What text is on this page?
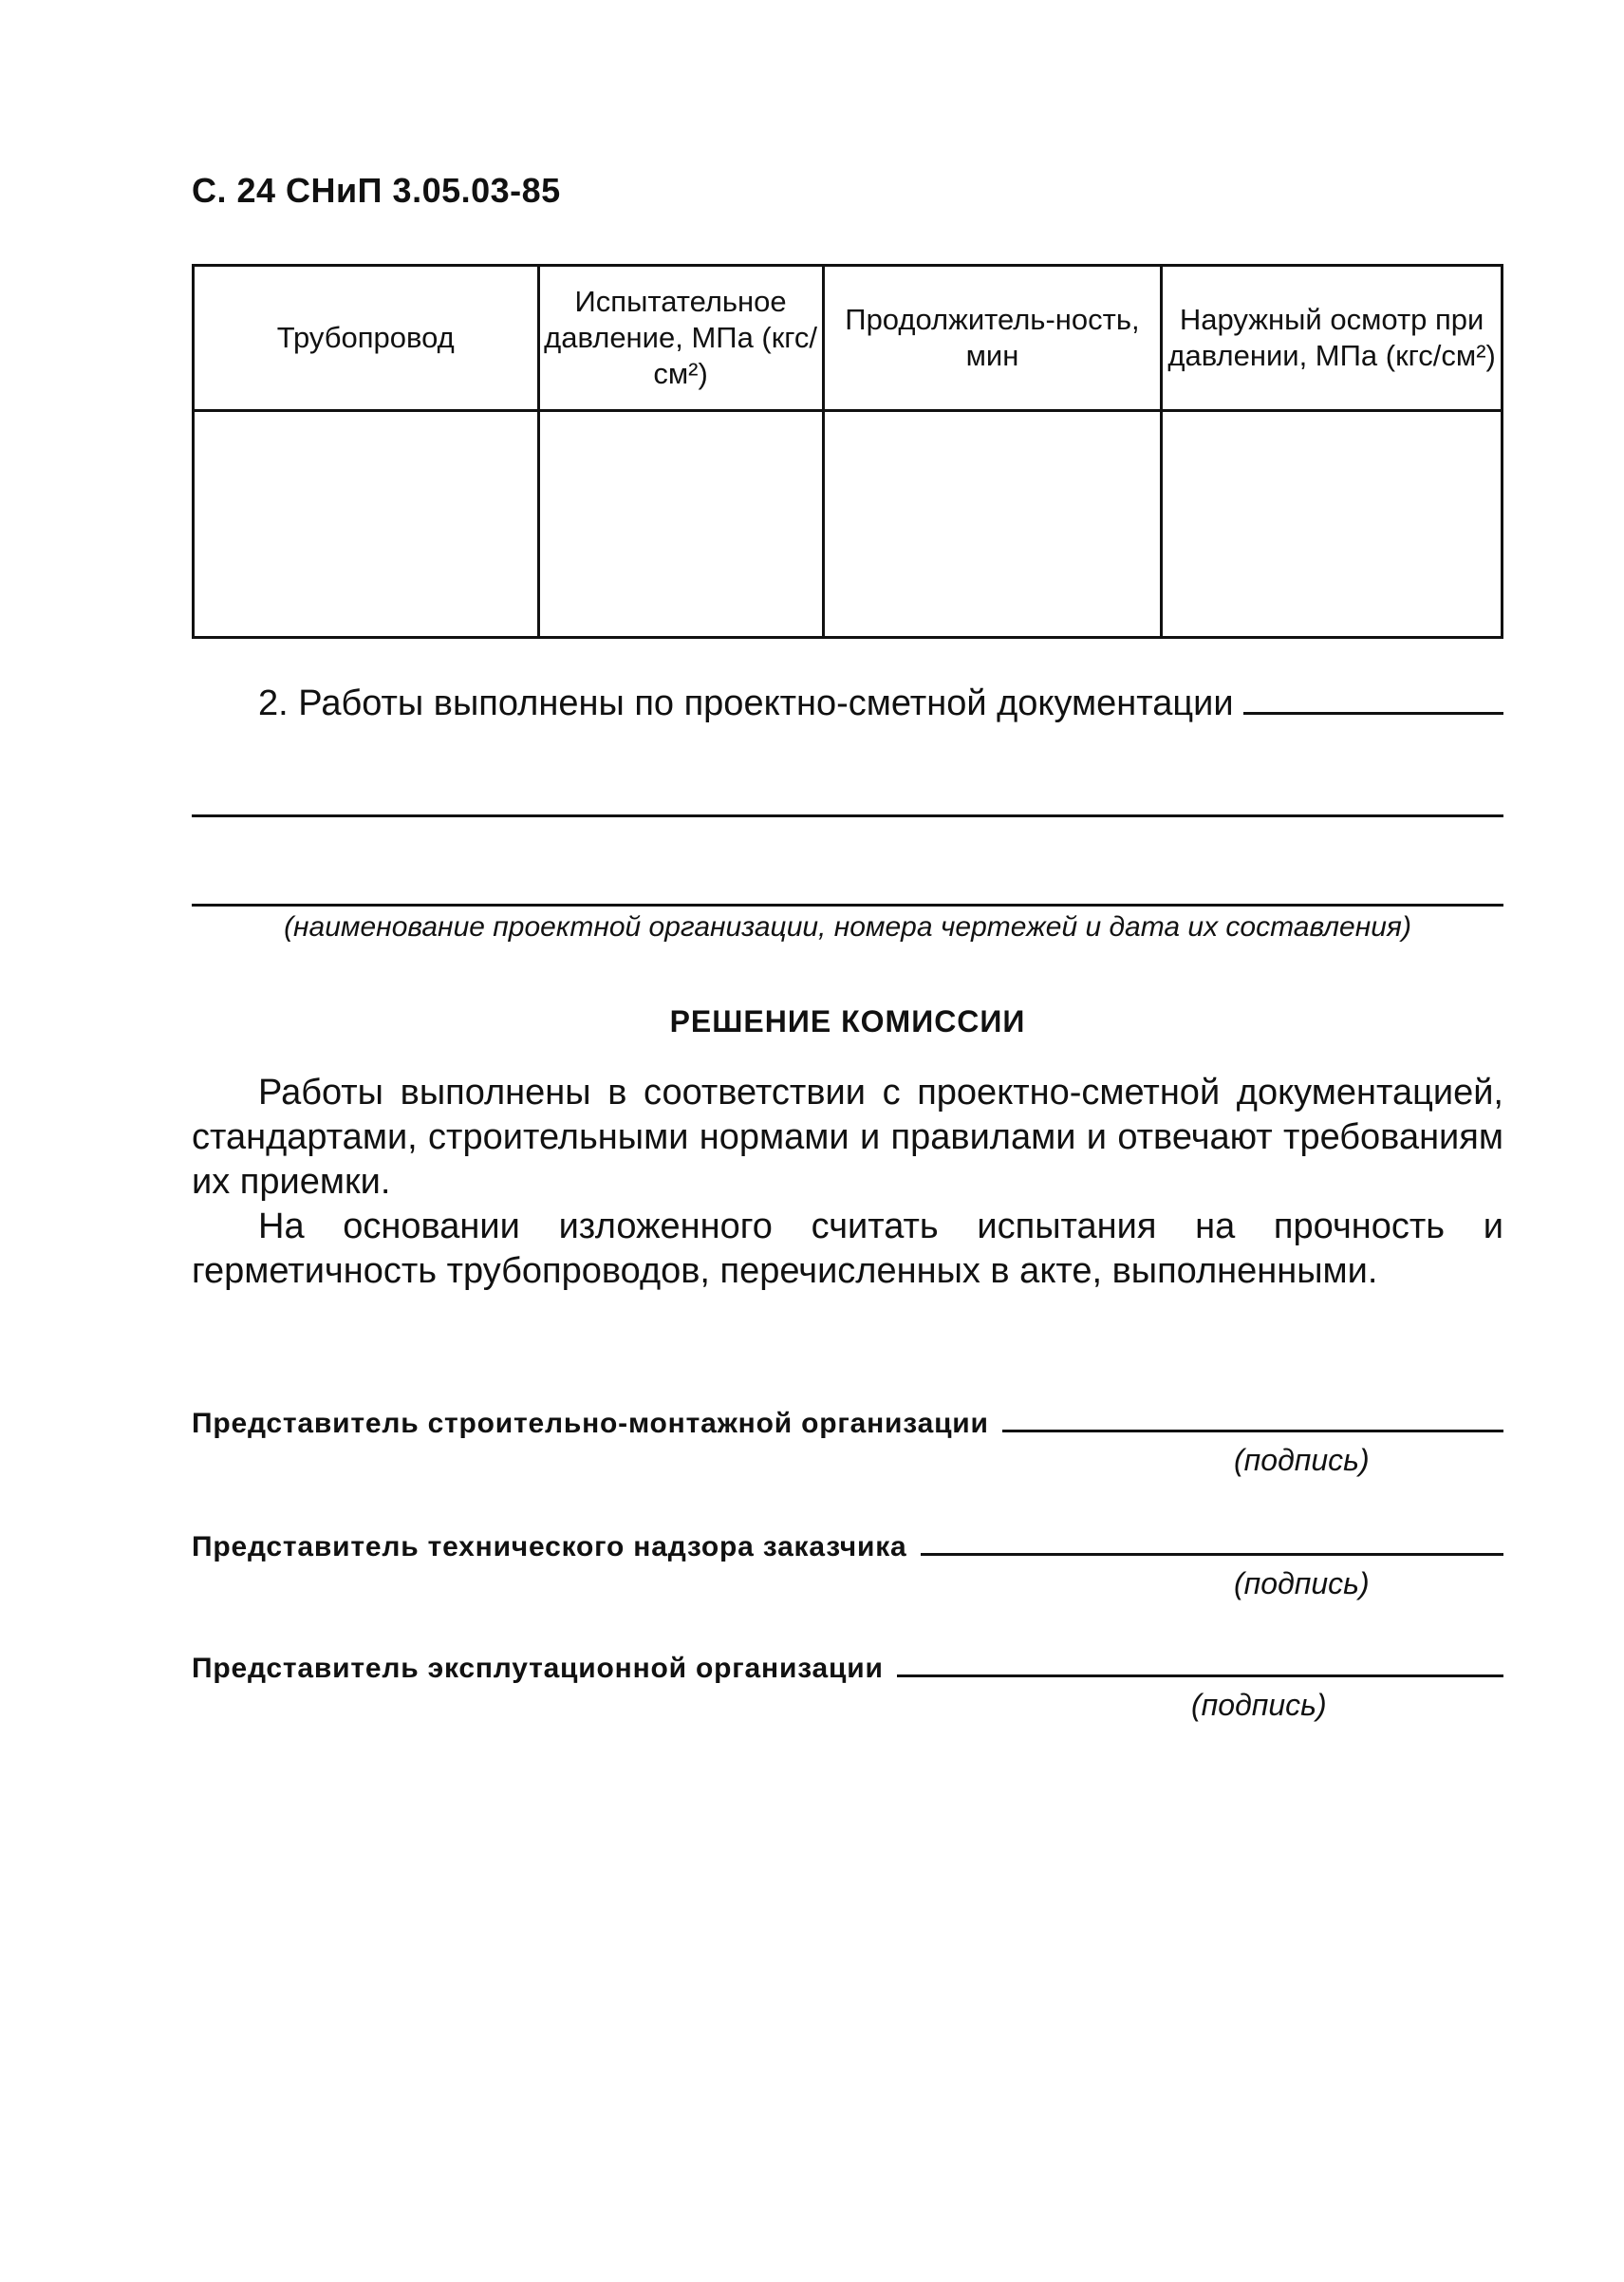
С. 24 СНиП 3.05.03-85
Трубопровод	Испытательное давление, МПа (кгс/см²)	Продолжитель-ность, мин	Наружный осмотр при давлении, МПа (кгс/см²)

2. Работы выполнены по проектно-сметной документации
(наименование проектной организации, номера чертежей и дата их составления)
РЕШЕНИЕ КОМИССИИ

Работы выполнены в соответствии с проектно-сметной документацией, стандартами, строительными нормами и правилами и отвечают требованиям их приемки.

На основании изложенного считать испытания на прочность и герметичность трубопроводов, перечисленных в акте, выполненными.

Представитель строительно-монтажной организации
(подпись)
Представитель технического надзора заказчика
(подпись)
Представитель эксплутационной организации
(подпись)
